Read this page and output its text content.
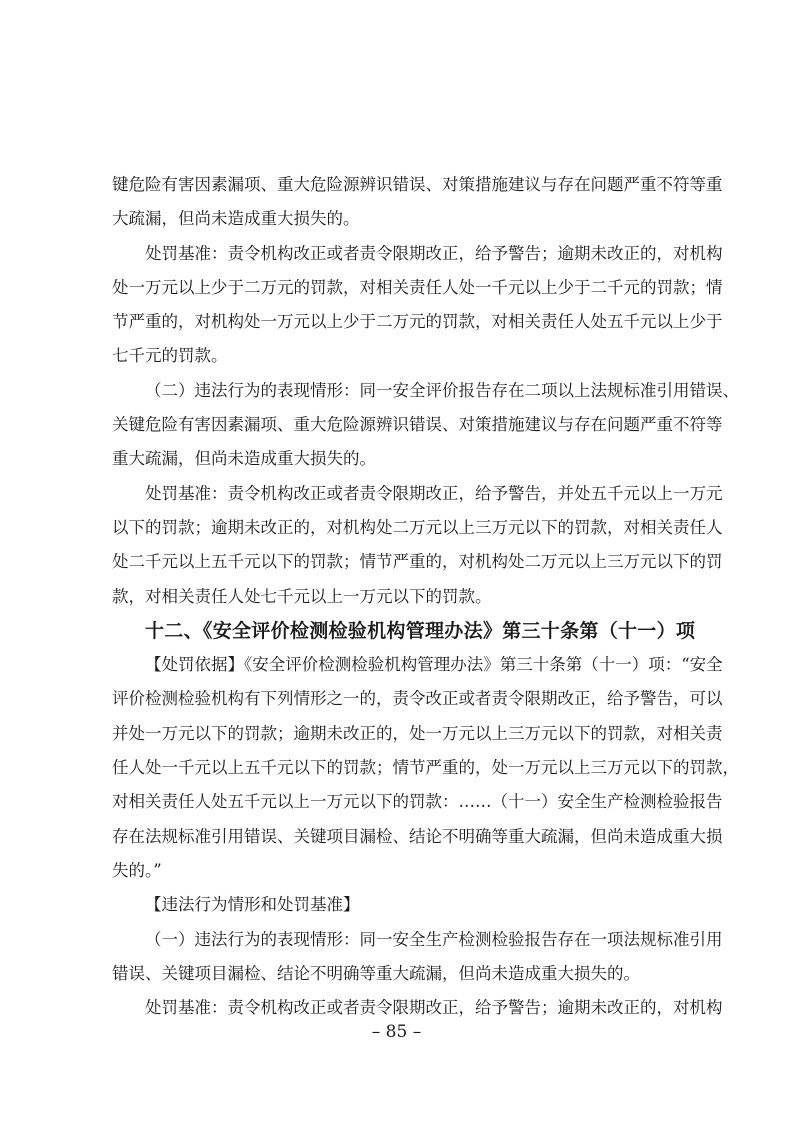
键危险有害因素漏项、重大危险源辨识错误、对策措施建议与存在问题严重不符等重
大疏漏，但尚未造成重大损失的。
处罚基准：责令机构改正或者责令限期改正，给予警告；逾期未改正的，对机构
处一万元以上少于二万元的罚款，对相关责任人处一千元以上少于二千元的罚款；情
节严重的，对机构处一万元以上少于二万元的罚款，对相关责任人处五千元以上少于
七千元的罚款。
（二）违法行为的表现情形：同一安全评价报告存在二项以上法规标准引用错误、
关键危险有害因素漏项、重大危险源辨识错误、对策措施建议与存在问题严重不符等
重大疏漏，但尚未造成重大损失的。
处罚基准：责令机构改正或者责令限期改正，给予警告，并处五千元以上一万元
以下的罚款；逾期未改正的，对机构处二万元以上三万元以下的罚款，对相关责任人
处二千元以上五千元以下的罚款；情节严重的，对机构处二万元以上三万元以下的罚
款，对相关责任人处七千元以上一万元以下的罚款。
十二、《安全评价检测检验机构管理办法》第三十条第（十一）项
【处罚依据】《安全评价检测检验机构管理办法》第三十条第（十一）项：“安全
评价检测检验机构有下列情形之一的，责令改正或者责令限期改正，给予警告，可以
并处一万元以下的罚款；逾期未改正的，处一万元以上三万元以下的罚款，对相关责
任人处一千元以上五千元以下的罚款；情节严重的，处一万元以上三万元以下的罚款，
对相关责任人处五千元以上一万元以下的罚款：……（十一）安全生产检测检验报告
存在法规标准引用错误、关键项目漏检、结论不明确等重大疏漏，但尚未造成重大损
失的。”
【违法行为情形和处罚基准】
（一）违法行为的表现情形：同一安全生产检测检验报告存在一项法规标准引用
错误、关键项目漏检、结论不明确等重大疏漏，但尚未造成重大损失的。
处罚基准：责令机构改正或者责令限期改正，给予警告；逾期未改正的，对机构
– 85 –
